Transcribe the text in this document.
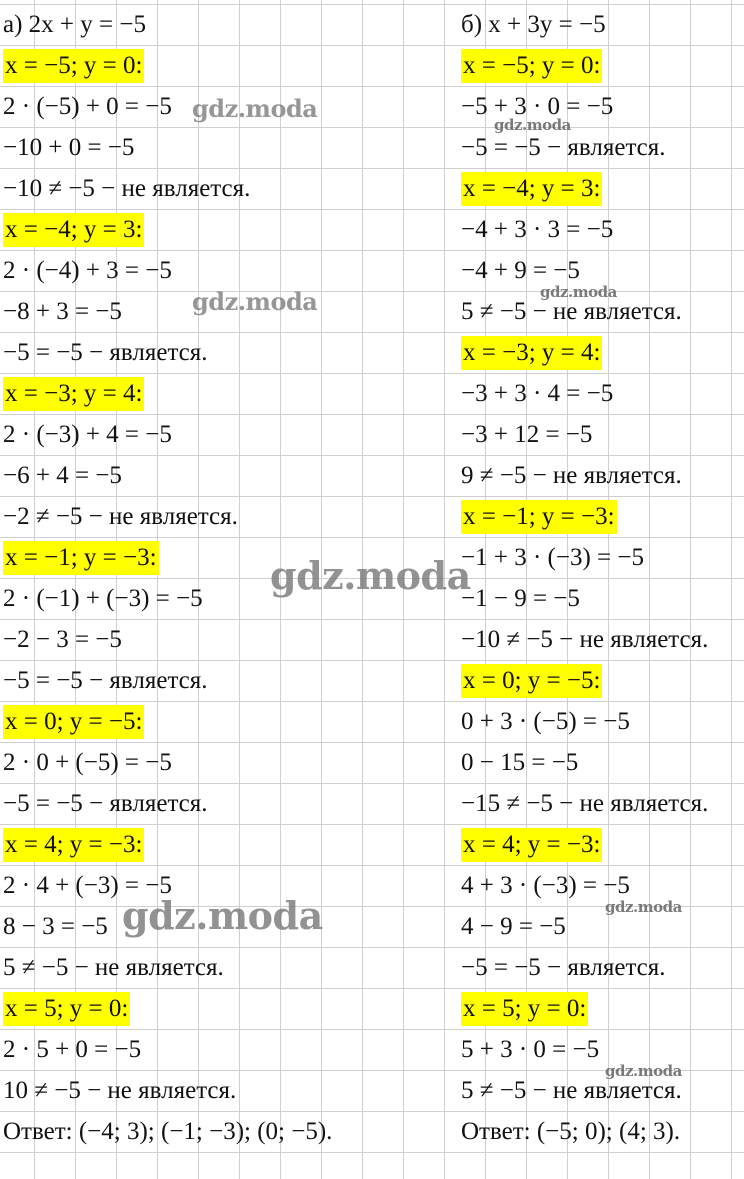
а) 2x + y = −5
x = −5; y = 0:
2 · (−5) + 0 = −5
−10 + 0 = −5
−10 ≠ −5 − не является.
x = −4; y = 3:
2 · (−4) + 3 = −5
−8 + 3 = −5
−5 = −5 − является.
x = −3; y = 4:
2 · (−3) + 4 = −5
−6 + 4 = −5
−2 ≠ −5 − не является.
x = −1; y = −3:
2 · (−1) + (−3) = −5
−2 − 3 = −5
−5 = −5 − является.
x = 0; y = −5:
2 · 0 + (−5) = −5
−5 = −5 − является.
x = 4; y = −3:
2 · 4 + (−3) = −5
8 − 3 = −5
5 ≠ −5 − не является.
x = 5; y = 0:
2 · 5 + 0 = −5
10 ≠ −5 − не является.
Ответ: (−4; 3); (−1; −3); (0; −5).
б) x + 3y = −5
x = −5; y = 0:
−5 + 3 · 0 = −5
−5 = −5 − является.
x = −4; y = 3:
−4 + 3 · 3 = −5
−4 + 9 = −5
5 ≠ −5 − не является.
x = −3; y = 4:
−3 + 3 · 4 = −5
−3 + 12 = −5
9 ≠ −5 − не является.
x = −1; y = −3:
−1 + 3 · (−3) = −5
−1 − 9 = −5
−10 ≠ −5 − не является.
x = 0; y = −5:
0 + 3 · (−5) = −5
0 − 15 = −5
−15 ≠ −5 − не является.
x = 4; y = −3:
4 + 3 · (−3) = −5
4 − 9 = −5
−5 = −5 − является.
x = 5; y = 0:
5 + 3 · 0 = −5
5 ≠ −5 − не является.
Ответ: (−5; 0); (4; 3).
gdz.moda
gdz.moda
gdz.moda	gdz.moda
gdz.moda
gdz.moda	gdz.moda
gdz.moda
